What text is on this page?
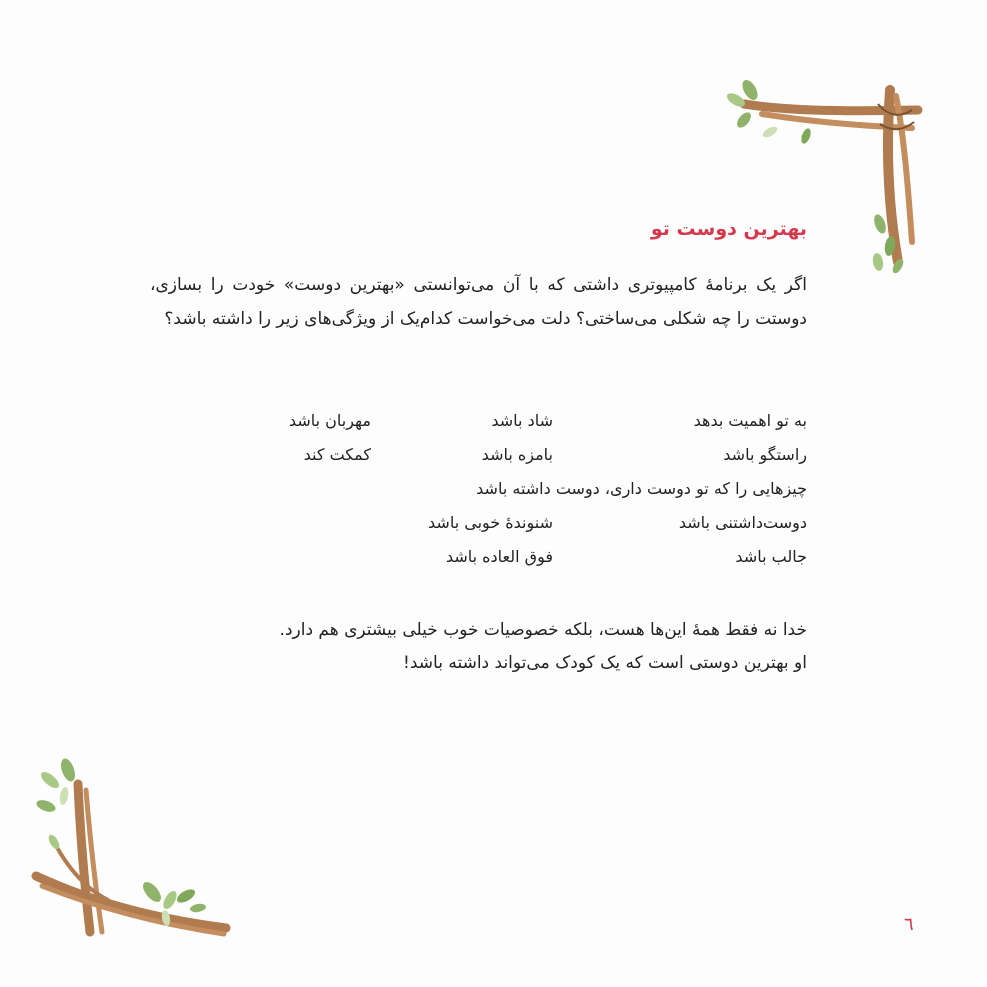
بهترین دوست تو

اگر یک برنامهٔ کامپیوتری داشتی که با آن می‌توانستی «بهترین دوست» خودت را بسازی، دوستت را چه شکلی می‌ساختی؟ دلت می‌خواست کدام‌یک از ویژگی‌های زیر را داشته باشد؟

به تو اهمیت بدهد
شاد باشد
مهربان باشد
راستگو باشد
بامزه باشد
کمکت کند
چیزهایی را که تو دوست داری، دوست داشته باشد
دوست‌داشتنی باشد
شنوندهٔ خوبی باشد
جالب باشد
فوق العاده باشد

خدا نه فقط همهٔ این‌ها هست، بلکه خصوصیات خوب خیلی بیشتری هم دارد.
او بهترین دوستی است که یک کودک می‌تواند داشته باشد!

٦
